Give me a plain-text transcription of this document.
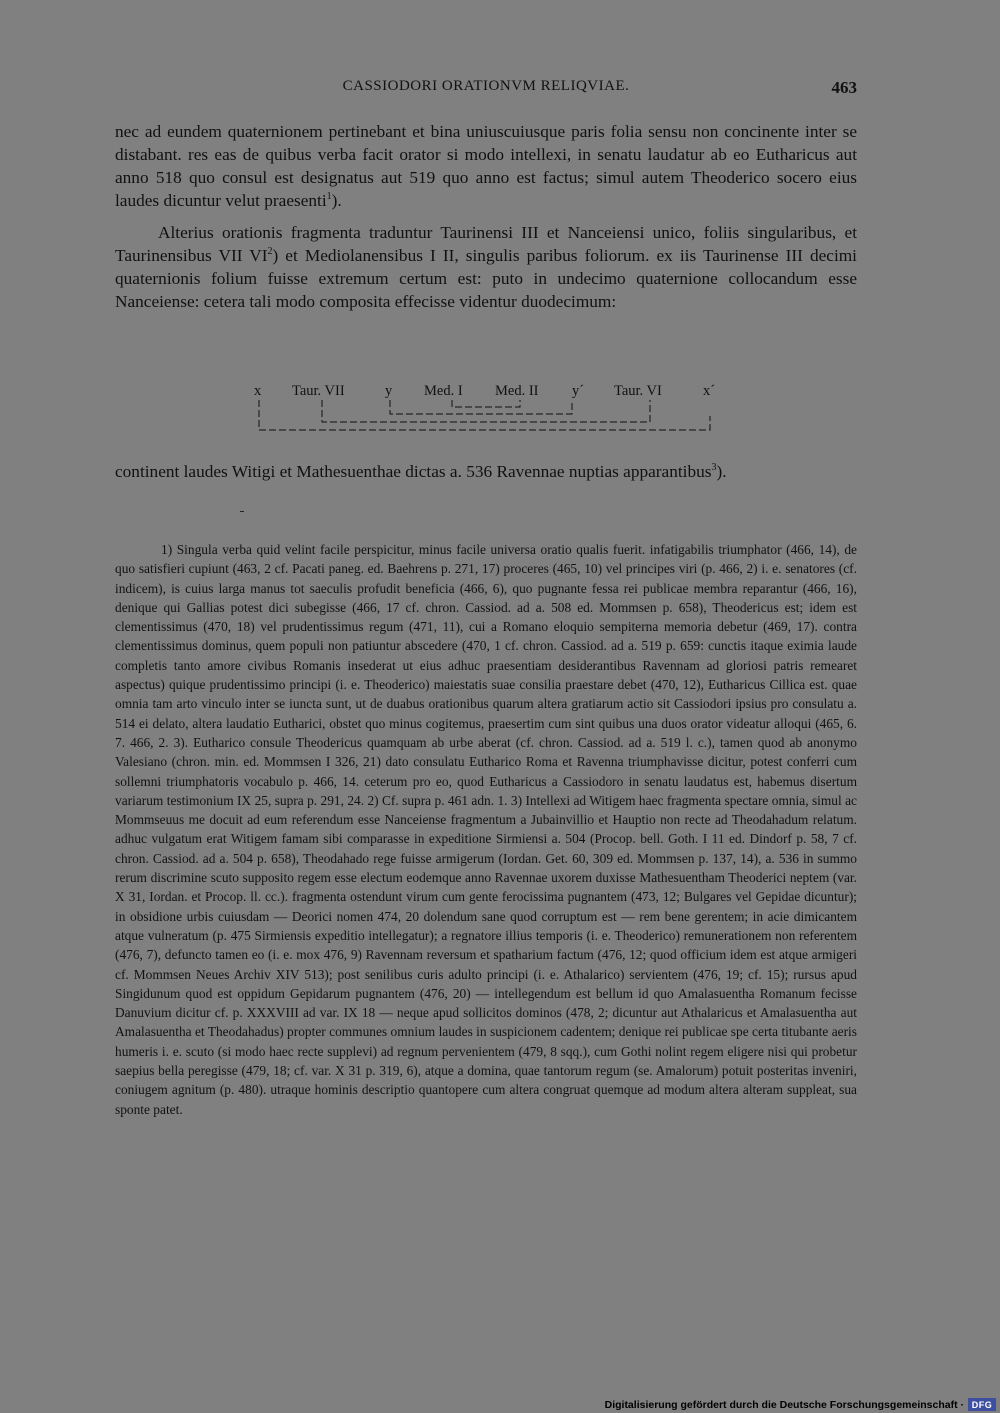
CASSIODORI ORATIONVM RELIQVIAE.	463

nec ad eundem quaternionem pertinebant et bina uniuscuiusque paris folia sensu non concinente inter se distabant. res eas de quibus verba facit orator si modo intellexi, in senatu laudatur ab eo Eutharicus aut anno 518 quo consul est designatus aut 519 quo anno est factus; simul autem Theoderico socero eius laudes dicuntur velut praesenti$^1$).

Alterius orationis fragmenta traduntur Taurinensi III et Nanceiensi unico, foliis singularibus, et Taurinensibus VII $VI^2$) et Mediolanensibus I II, singulis paribus foliorum. ex iis Taurinense III decimi quaternionis folium fuisse extremum certum est: puto in undecimo quaternione collocandum esse Nanceiense: cetera tali modo composita effecisse videntur duodecimum:

x Taur. VII	y Med. I Med. II y´ Taur. VI	x´
continent laudes Witigi et Mathesuenthae dictas a. 536 Ravennae nuptias apparantibus$^3$).

1) Singula verba quid velint facile perspicitur, minus facile universa oratio qualis fuerit. infatigabilis triumphator (466, 14), de quo satisfieri cupiunt (463, 2 cf. Pacati paneg. ed. Baehrens p. 271, 17) proceres (465, 10) vel principes viri (p. 466, 2) i. e. senatores (cf. indicem), is cuius larga manus tot saeculis profudit beneficia (466, 6), quo pugnante fessa rei publicae membra reparantur (466, 16), denique qui Gallias potest dici subegisse (466, 17 cf. chron. Cassiod. ad a. 508 ed. Mommsen p. 658), Theodericus est; idem est clementissimus (470, 18) vel prudentissimus regum (471, 11), cui a Romano eloquio sempiterna memoria debetur (469, 17). contra clementissimus dominus, quem populi non patiuntur abscedere (470, 1 cf. chron. Cassiod. ad a. 519 p. 659: cunctis itaque eximia laude completis tanto amore civibus Romanis insederat ut eius adhuc praesentiam desiderantibus Ravennam ad gloriosi patris remearet aspectus) quique prudentissimo principi (i. e. Theoderico) maiestatis suae consilia praestare debet (470, 12), Eutharicus Cillica est. quae omnia tam arto vinculo inter se iuncta sunt, ut de duabus orationibus quarum altera gratiarum actio sit Cassiodori ipsius pro consulatu a. 514 ei delato, altera laudatio Eutharici, obstet quo minus cogitemus, praesertim cum sint quibus una duos orator videatur alloqui (465, 6. 7. 466, 2. 3). Eutharico consule Theodericus quamquam ab urbe aberat (cf. chron. Cassiod. ad a. 519 l. c.), tamen quod ab anonymo Valesiano (chron. min. ed. Mommsen I 326, 21) dato consulatu Eutharico Roma et Ravenna triumphavisse dicitur, potest conferri cum sollemni triumphatoris vocabulo p. 466, 14. ceterum pro eo, quod Eutharicus a Cassiodoro in senatu laudatus est, habemus disertum variarum testimonium IX 25, supra p. 291, 24. 2) Cf. supra p. 461 adn. 1. 3) Intellexi ad Witigem haec fragmenta spectare omnia, simul ac Mommseuus me docuit ad eum referendum esse Nanceiense fragmentum a Jubainvillio et Hauptio non recte ad Theodahadum relatum. adhuc vulgatum erat Witigem famam sibi comparasse in expeditione Sirmiensi a. 504 (Procop. bell. Goth. I 11 ed. Dindorf p. 58, 7 cf. chron. Cassiod. ad a. 504 p. 658), Theodahado rege fuisse armigerum (Iordan. Get. 60, 309 ed. Mommsen p. 137, 14), a. 536 in summo rerum discrimine scuto supposito regem esse electum eodemque anno Ravennae uxorem duxisse Mathesuentham Theoderici neptem (var. X 31, Iordan. et Procop. ll. cc.). fragmenta ostendunt virum cum gente ferocissima pugnantem (473, 12; Bulgares vel Gepidae dicuntur); in obsidione urbis cuiusdam — Deorici nomen 474, 20 dolendum sane quod corruptum est — rem bene gerentem; in acie dimicantem atque vulneratum (p. 475 Sirmiensis expeditio intellegatur); a regnatore illius temporis (i. e. Theoderico) remunerationem non referentem (476, 7), defuncto tamen eo (i. e. mox 476, 9) Ravennam reversum et spatharium factum (476, 12; quod officium idem est atque armigeri cf. Mommsen Neues Archiv XIV 513); post senilibus curis adulto principi (i. e. Athalarico) servientem (476, 19; cf. 15); rursus apud Singidunum quod est oppidum Gepidarum pugnantem (476, 20) — intellegendum est bellum id quo Amalasuentha Romanum fecisse Danuvium dicitur cf. p. XXXVIII ad var. IX 18 — neque apud sollicitos dominos (478, 2; dicuntur aut Athalaricus et Amalasuentha aut Amalasuentha et Theodahadus) propter communes omnium laudes in suspicionem cadentem; denique rei publicae spe certa titubante aeris humeris i. e. scuto (si modo haec recte supplevi) ad regnum pervenientem (479, 8 sqq.), cum Gothi nolint regem eligere nisi qui probetur saepius bella peregisse (479, 18; cf. var. X 31 p. 319, 6), atque a domina, quae tantorum regum (se. Amalorum) potuit posteritas inveniri, coniugem agnitum (p. 480). utraque hominis descriptio quantopere cum altera congruat quemque ad modum altera alteram suppleat, sua sponte patet.

Digitalisierung gefördert durch die Deutsche Forschungsgemeinschaft · DFG
